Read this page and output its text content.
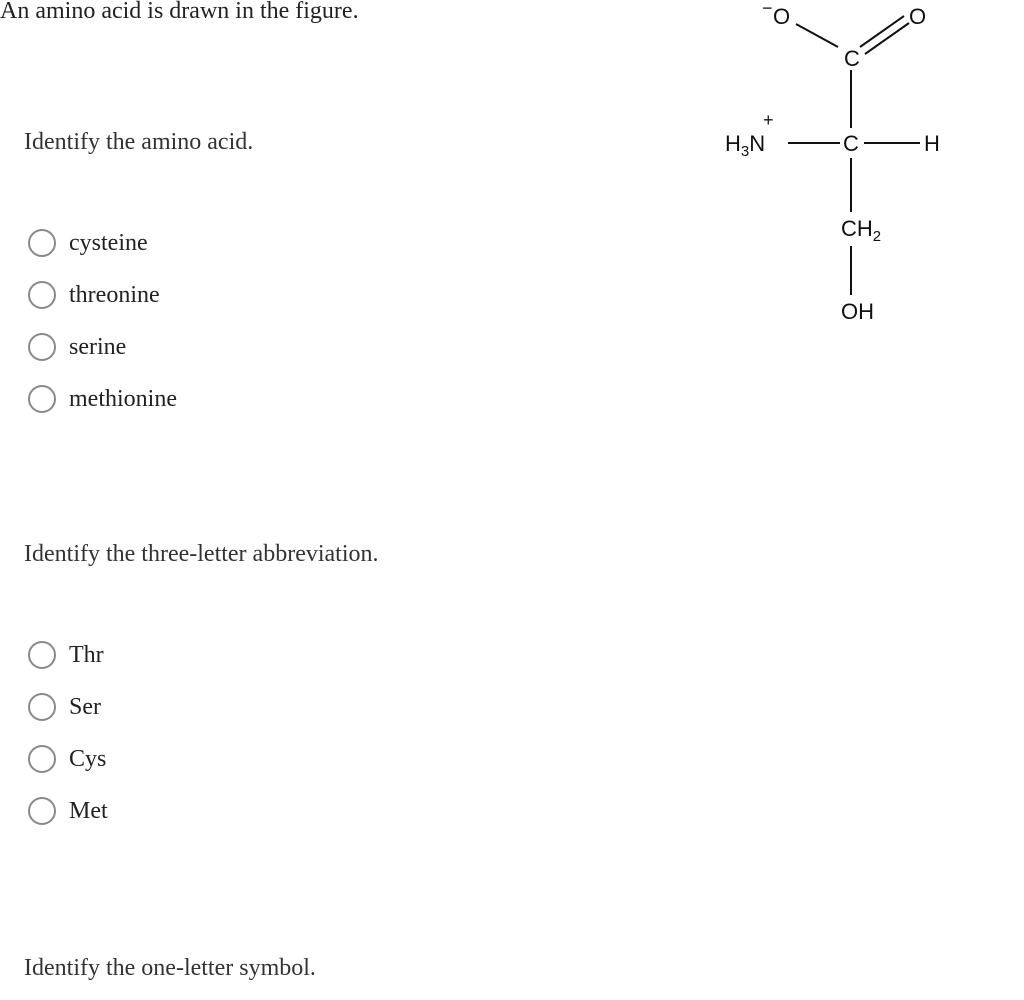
An amino acid is drawn in the figure.	− O	O
C
+
$H_3N$	C	H
$CH_2$
OH

Identify the amino acid.

cysteine
threonine
serine
methionine

Identify the three-letter abbreviation.

Thr
Ser
Cys
Met

Identify the one-letter symbol.
